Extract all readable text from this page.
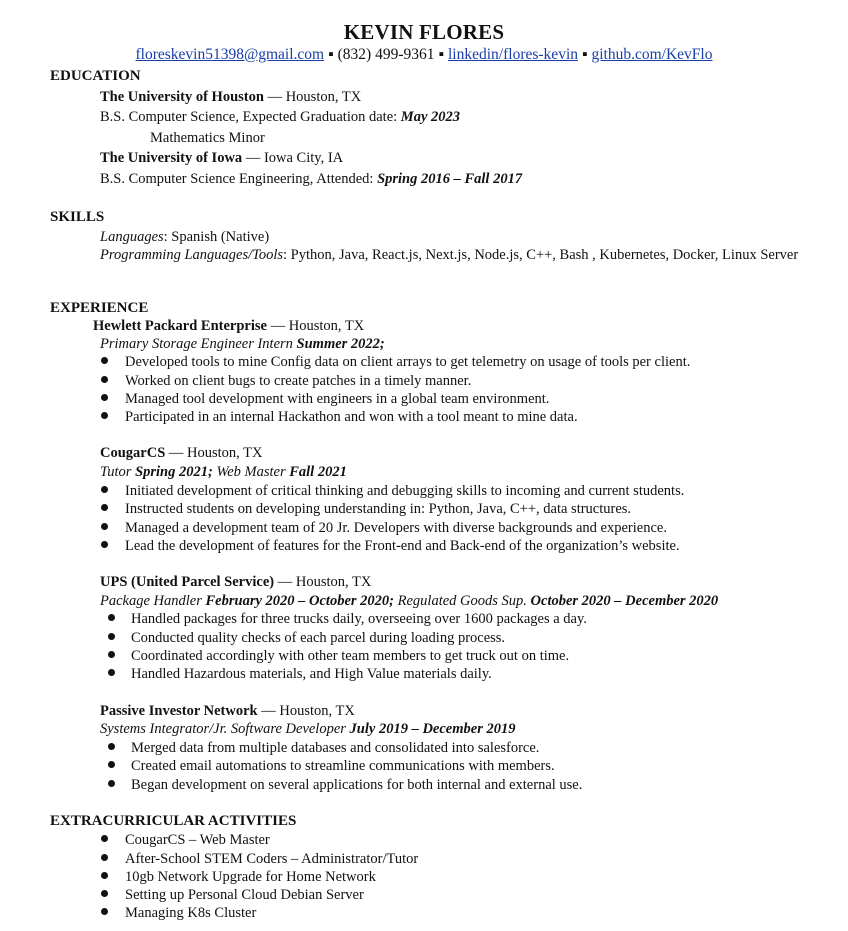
KEVIN FLORES
floreskevin51398@gmail.com ▪ (832) 499-9361 ▪ linkedin/flores-kevin ▪ github.com/KevFlo
EDUCATION
The University of Houston — Houston, TX
B.S. Computer Science, Expected Graduation date: May 2023
Mathematics Minor
The University of Iowa — Iowa City, IA
B.S. Computer Science Engineering, Attended: Spring 2016 – Fall 2017
SKILLS
Languages: Spanish (Native)
Programming Languages/Tools: Python, Java, React.js, Next.js, Node.js, C++, Bash , Kubernetes, Docker, Linux Server
EXPERIENCE
Hewlett Packard Enterprise — Houston, TX
Primary Storage Engineer Intern Summer 2022;
Developed tools to mine Config data on client arrays to get telemetry on usage of tools per client.
Worked on client bugs to create patches in a timely manner.
Managed tool development with engineers in a global team environment.
Participated in an internal Hackathon and won with a tool meant to mine data.
CougarCS — Houston, TX
Tutor Spring 2021; Web Master Fall 2021
Initiated development of critical thinking and debugging skills to incoming and current students.
Instructed students on developing understanding in: Python, Java, C++, data structures.
Managed a development team of 20 Jr. Developers with diverse backgrounds and experience.
Lead the development of features for the Front-end and Back-end of the organization’s website.
UPS (United Parcel Service) — Houston, TX
Package Handler February 2020 – October 2020; Regulated Goods Sup. October 2020 – December 2020
Handled packages for three trucks daily, overseeing over 1600 packages a day.
Conducted quality checks of each parcel during loading process.
Coordinated accordingly with other team members to get truck out on time.
Handled Hazardous materials, and High Value materials daily.
Passive Investor Network — Houston, TX
Systems Integrator/Jr. Software Developer July 2019 – December 2019
Merged data from multiple databases and consolidated into salesforce.
Created email automations to streamline communications with members.
Began development on several applications for both internal and external use.
EXTRACURRICULAR ACTIVITIES
CougarCS – Web Master
After-School STEM Coders – Administrator/Tutor
10gb Network Upgrade for Home Network
Setting up Personal Cloud Debian Server
Managing K8s Cluster
